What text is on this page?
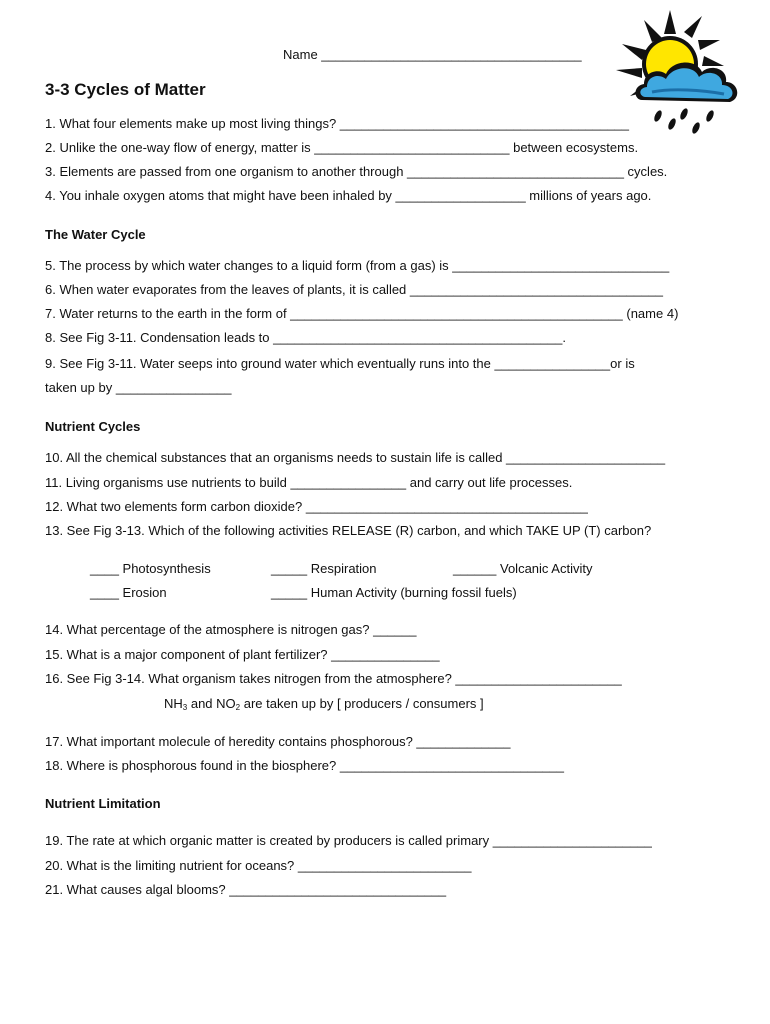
Name ____________________________________
3-3 Cycles of Matter
1. What four elements make up most living things? ________________________________________
2. Unlike the one-way flow of energy, matter is ___________________________ between ecosystems.
3. Elements are passed from one organism to another through ______________________________ cycles.
4. You inhale oxygen atoms that might have been inhaled by __________________ millions of years ago.
The Water Cycle
5. The process by which water changes to a liquid form (from a gas) is ______________________________
6. When water evaporates from the leaves of plants, it is called ___________________________________
7. Water returns to the earth in the form of ______________________________________________ (name 4)
8. See Fig 3-11. Condensation leads to ________________________________________.
9. See Fig 3-11. Water seeps into ground water which eventually runs into the ________________or is
taken up by ________________
Nutrient Cycles
10. All the chemical substances that an organisms needs to sustain life is called ______________________
11. Living organisms use nutrients to build ________________ and carry out life processes.
12. What two elements form carbon dioxide? _______________________________________
13. See Fig 3-13. Which of the following activities RELEASE (R) carbon, and which TAKE UP (T) carbon?
____ Photosynthesis	_____ Respiration	______ Volcanic Activity
____ Erosion	_____ Human Activity (burning fossil fuels)
14. What percentage of the atmosphere is nitrogen gas? ______
15. What is a major component of plant fertilizer? _______________
16. See Fig 3-14. What organism takes nitrogen from the atmosphere? _______________________
$NH_3$ and $NO_2$ are taken up by [ producers / consumers ]
17. What important molecule of heredity contains phosphorous? _____________
18. Where is phosphorous found in the biosphere? _______________________________
Nutrient Limitation
19. The rate at which organic matter is created by producers is called primary ______________________
20. What is the limiting nutrient for oceans? ________________________
21. What causes algal blooms? ______________________________
